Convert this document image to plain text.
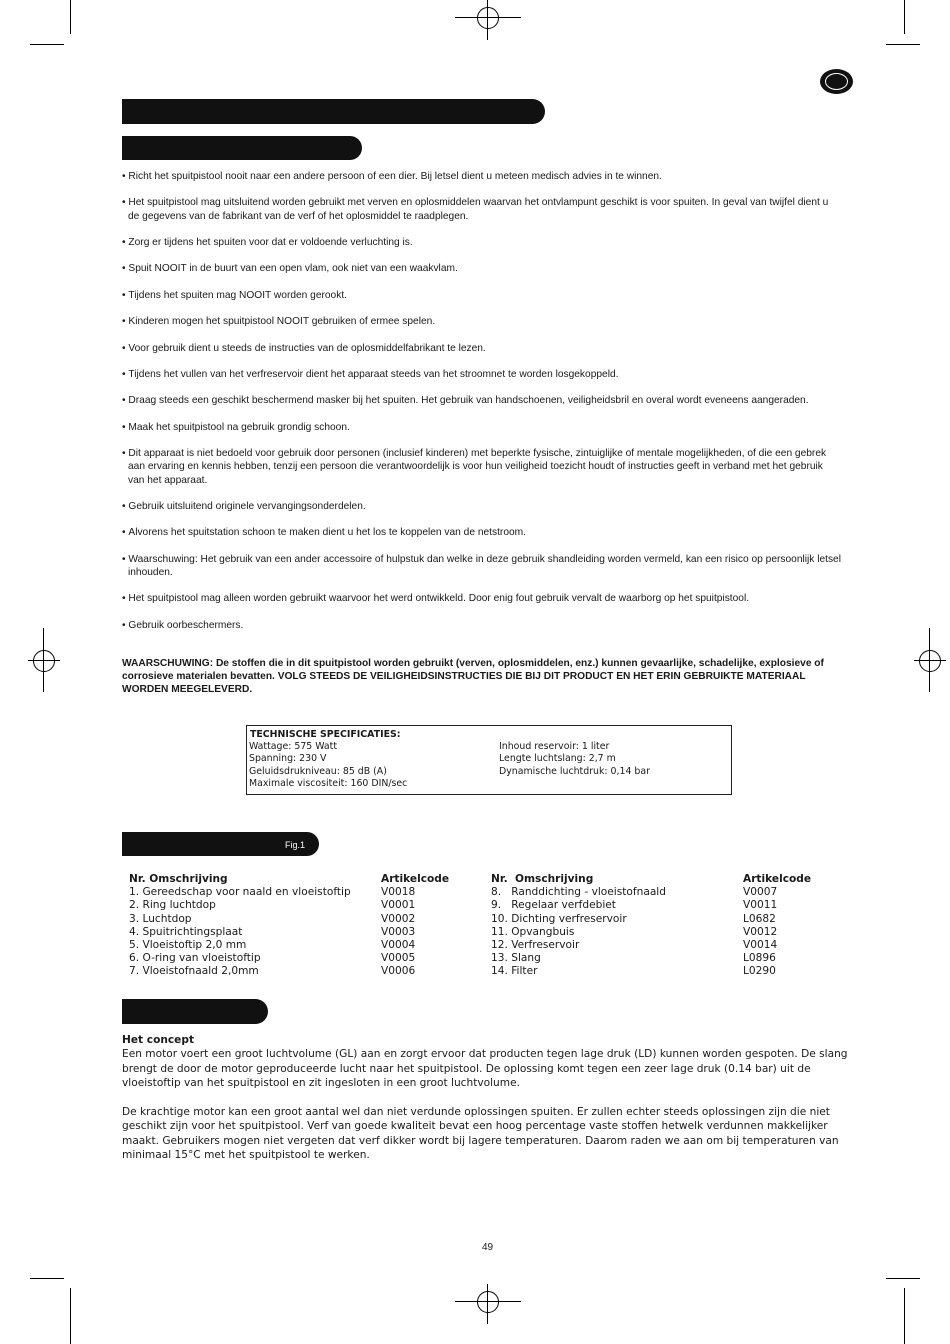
• Richt het spuitpistool nooit naar een andere persoon of een dier. Bij letsel dient u meteen medisch advies in te winnen.
• Het spuitpistool mag uitsluitend worden gebruikt met verven en oplosmiddelen waarvan het ontvlampunt geschikt is voor spuiten. In geval van twijfel dient u de gegevens van de fabrikant van de verf of het oplosmiddel te raadplegen.
• Zorg er tijdens het spuiten voor dat er voldoende verluchting is.
• Spuit NOOIT in de buurt van een open vlam, ook niet van een waakvlam.
• Tijdens het spuiten mag NOOIT worden gerookt.
• Kinderen mogen het spuitpistool NOOIT gebruiken of ermee spelen.
• Voor gebruik dient u steeds de instructies van de oplosmiddelfabrikant te lezen.
• Tijdens het vullen van het verfreservoir dient het apparaat steeds van het stroomnet te worden losgekoppeld.
• Draag steeds een geschikt beschermend masker bij het spuiten. Het gebruik van handschoenen, veiligheidsbril en overal wordt eveneens aangeraden.
• Maak het spuitpistool na gebruik grondig schoon.
• Dit apparaat is niet bedoeld voor gebruik door personen (inclusief kinderen) met beperkte fysische, zintuiglijke of mentale mogelijkheden, of die een gebrek aan ervaring en kennis hebben, tenzij een persoon die verantwoordelijk is voor hun veiligheid toezicht houdt of instructies geeft in verband met het gebruik van het apparaat.
• Gebruik uitsluitend originele vervangingsonderdelen.
• Alvorens het spuitstation schoon te maken dient u het los te koppelen van de netstroom.
• Waarschuwing: Het gebruik van een ander accessoire of hulpstuk dan welke in deze gebruik shandleiding worden vermeld, kan een risico op persoonlijk letsel inhouden.
• Het spuitpistool mag alleen worden gebruikt waarvoor het werd ontwikkeld. Door enig fout gebruik vervalt de waarborg op het spuitpistool.
• Gebruik oorbeschermers.
WAARSCHUWING: De stoffen die in dit spuitpistool worden gebruikt (verven, oplosmiddelen, enz.) kunnen gevaarlijke, schadelijke, explosieve of corrosieve materialen bevatten. VOLG STEEDS DE VEILIGHEIDSINSTRUCTIES DIE BIJ DIT PRODUCT EN HET ERIN GEBRUIKTE MATERIAAL WORDEN MEEGELEVERD.
TECHNISCHE SPECIFICATIES:
Wattage: 575 Watt
Spanning: 230 V
Geluidsdrukniveau: 85 dB (A)
Maximale viscositeit: 160 DIN/sec
Inhoud reservoir: 1 liter
Lengte luchtslang: 2,7 m
Dynamische luchtdruk: 0,14 bar
Fig.1
Nr. Omschrijving	Artikelcode
1. Gereedschap voor naald en vloeistoftip	V0018
2. Ring luchtdop	V0001
3. Luchtdop	V0002
4. Spuitrichtingsplaat	V0003
5. Vloeistoftip 2,0 mm	V0004
6. O-ring van vloeistoftip	V0005
7. Vloeistofnaald 2,0mm	V0006
Nr.  Omschrijving	Artikelcode
8.   Randdichting - vloeistofnaald	V0007
9.   Regelaar verfdebiet	V0011
10. Dichting verfreservoir	L0682
11. Opvangbuis	V0012
12. Verfreservoir	V0014
13. Slang	L0896
14. Filter	L0290
Het concept

Een motor voert een groot luchtvolume (GL) aan en zorgt ervoor dat producten tegen lage druk (LD) kunnen worden gespoten. De slang brengt de door de motor geproduceerde lucht naar het spuitpistool. De oplossing komt tegen een zeer lage druk (0.14 bar) uit de vloeistoftip van het spuitpistool en zit ingesloten in een groot luchtvolume.

De krachtige motor kan een groot aantal wel dan niet verdunde oplossingen spuiten. Er zullen echter steeds oplossingen zijn die niet geschikt zijn voor het spuitpistool. Verf van goede kwaliteit bevat een hoog percentage vaste stoffen hetwelk verdunnen makkelijker maakt. Gebruikers mogen niet vergeten dat verf dikker wordt bij lagere temperaturen. Daarom raden we aan om bij temperaturen van minimaal 15°C met het spuitpistool te werken.

49
